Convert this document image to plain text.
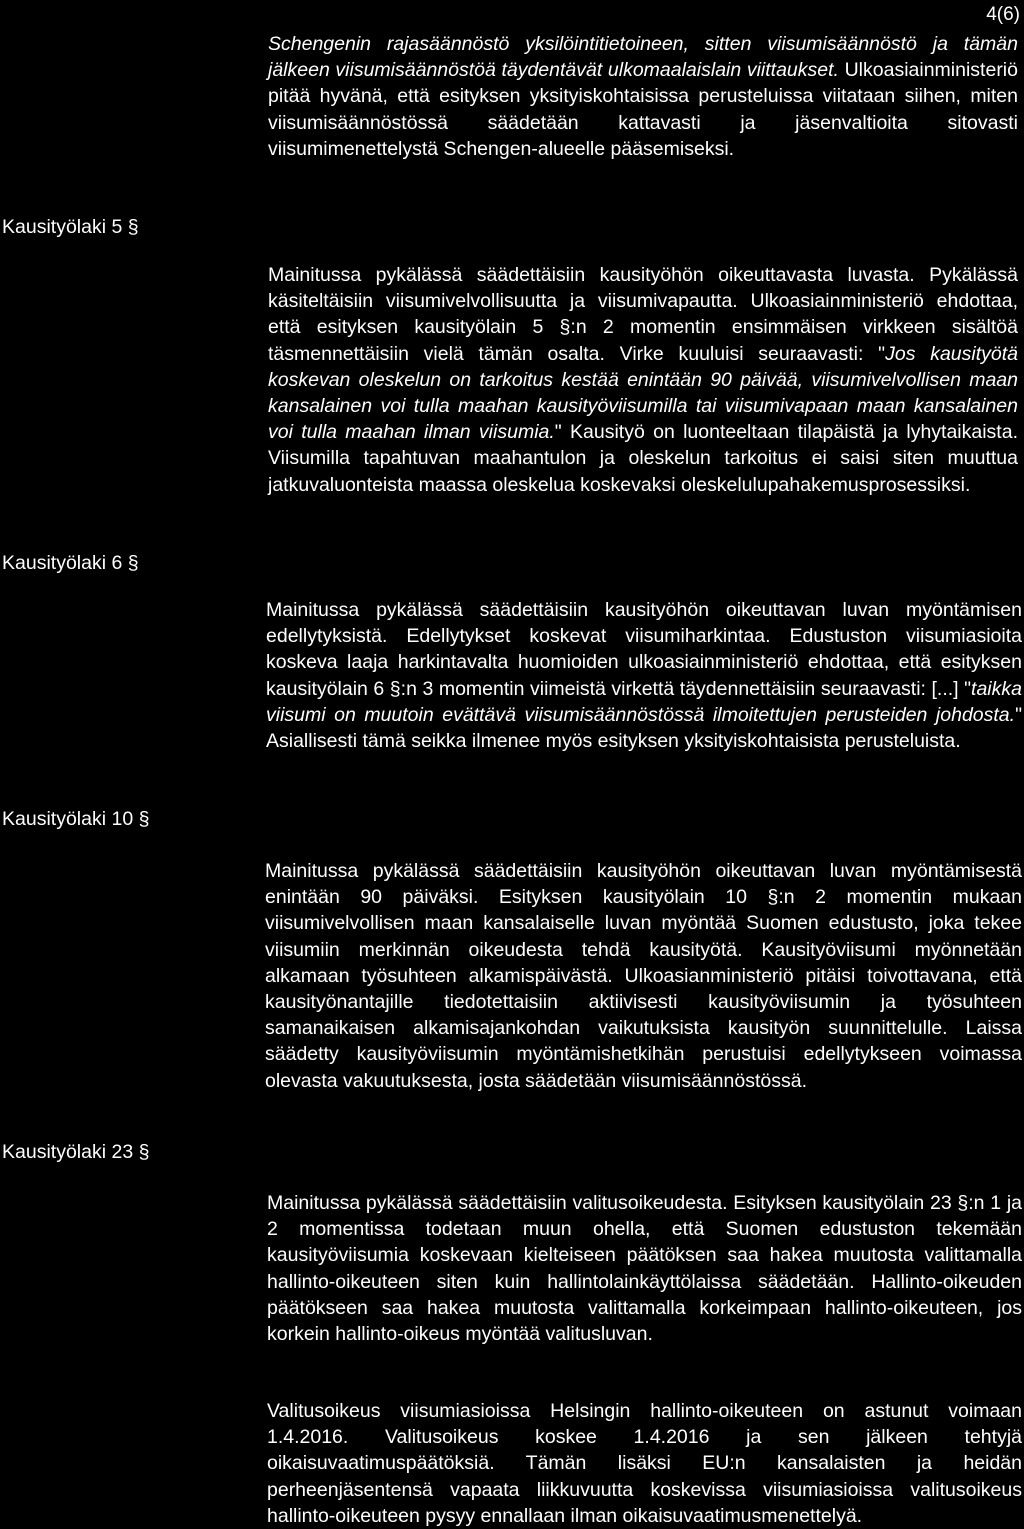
4(6)

Schengenin rajasäännöstö yksilöintitietoineen, sitten viisumisäännöstö ja tämän jälkeen viisumisäännöstöä täydentävät ulkomaalaislain viittaukset. Ulkoasiainministeriö pitää hyvänä, että esityksen yksityiskohtaisissa perusteluissa viitataan siihen, miten viisumisäännöstössä säädetään kattavasti ja jäsenvaltioita sitovasti viisumimenettelystä Schengen-alueelle pääsemiseksi.

Kausityölaki 5 §

Mainitussa pykälässä säädettäisiin kausityöhön oikeuttavasta luvasta. Pykälässä käsiteltäisiin viisumivelvollisuutta ja viisumivapautta. Ulkoasiainministeriö ehdottaa, että esityksen kausityölain 5 §:n 2 momentin ensimmäisen virkkeen sisältöä täsmennettäisiin vielä tämän osalta. Virke kuuluisi seuraavasti: "Jos kausityötä koskevan oleskelun on tarkoitus kestää enintään 90 päivää, viisumivelvollisen maan kansalainen voi tulla maahan kausityöviisumilla tai viisumivapaan maan kansalainen voi tulla maahan ilman viisumia." Kausityö on luonteeltaan tilapäistä ja lyhytaikaista. Viisumilla tapahtuvan maahantulon ja oleskelun tarkoitus ei saisi siten muuttua jatkuvaluonteista maassa oleskelua koskevaksi oleskelulupahakemusprosessiksi.

Kausityölaki 6 §

Mainitussa pykälässä säädettäisiin kausityöhön oikeuttavan luvan myöntämisen edellytyksistä. Edellytykset koskevat viisumiharkintaa. Edustuston viisumiasioita koskeva laaja harkintavalta huomioiden ulkoasiainministeriö ehdottaa, että esityksen kausityölain 6 §:n 3 momentin viimeistä virkettä täydennettäisiin seuraavasti: [...] "taikka viisumi on muutoin evättävä viisumisäännöstössä ilmoitettujen perusteiden johdosta." Asiallisesti tämä seikka ilmenee myös esityksen yksityiskohtaisista perusteluista.

Kausityölaki 10 §

Mainitussa pykälässä säädettäisiin kausityöhön oikeuttavan luvan myöntämisestä enintään 90 päiväksi. Esityksen kausityölain 10 §:n 2 momentin mukaan viisumivelvollisen maan kansalaiselle luvan myöntää Suomen edustusto, joka tekee viisumiin merkinnän oikeudesta tehdä kausityötä. Kausityöviisumi myönnetään alkamaan työsuhteen alkamispäivästä. Ulkoasianministeriö pitäisi toivottavana, että kausityönantajille tiedotettaisiin aktiivisesti kausityöviisumin ja työsuhteen samanaikaisen alkamisajankohdan vaikutuksista kausityön suunnittelulle. Laissa säädetty kausityöviisumin myöntämishetkihän perustuisi edellytykseen voimassa olevasta vakuutuksesta, josta säädetään viisumisäännöstössä.

Kausityölaki 23 §

Mainitussa pykälässä säädettäisiin valitusoikeudesta. Esityksen kausityölain 23 §:n 1 ja 2 momentissa todetaan muun ohella, että Suomen edustuston tekemään kausityöviisumia koskevaan kielteiseen päätöksen saa hakea muutosta valittamalla hallinto-oikeuteen siten kuin hallintolainkäyttölaissa säädetään. Hallinto-oikeuden päätökseen saa hakea muutosta valittamalla korkeimpaan hallinto-oikeuteen, jos korkein hallinto-oikeus myöntää valitusluvan.

Valitusoikeus viisumiasioissa Helsingin hallinto-oikeuteen on astunut voimaan 1.4.2016. Valitusoikeus koskee 1.4.2016 ja sen jälkeen tehtyjä oikaisuvaatimuspäätöksiä. Tämän lisäksi EU:n kansalaisten ja heidän perheenjäsentensä vapaata liikkuvuutta koskevissa viisumiasioissa valitusoikeus hallinto-oikeuteen pysyy ennallaan ilman oikaisuvaatimusmenettelyä.
